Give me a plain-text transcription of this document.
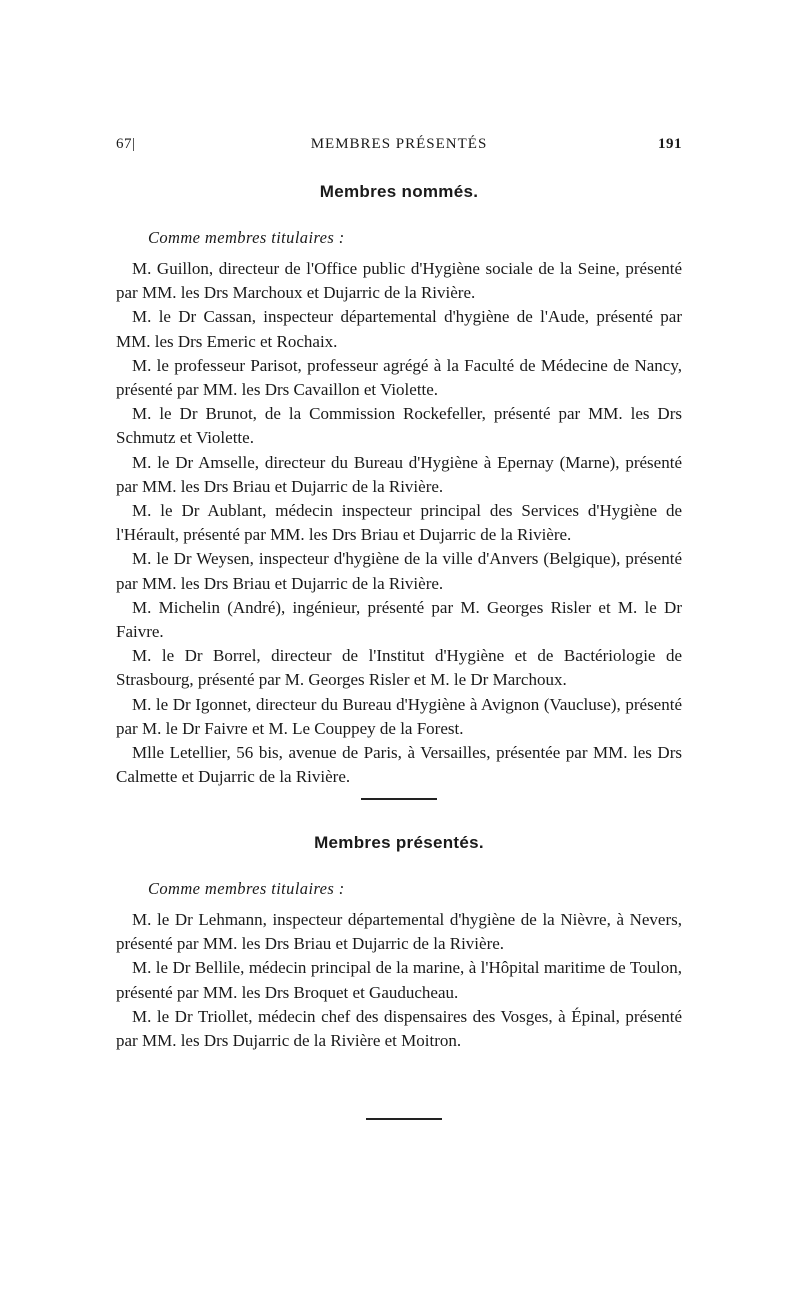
67|	MEMBRES PRÉSENTÉS	191
Membres nommés.

Comme membres titulaires :

M. Guillon, directeur de l'Office public d'Hygiène sociale de la Seine, présenté par MM. les Drs Marchoux et Dujarric de la Rivière.
M. le Dr Cassan, inspecteur départemental d'hygiène de l'Aude, présenté par MM. les Drs Emeric et Rochaix.
M. le professeur Parisot, professeur agrégé à la Faculté de Médecine de Nancy, présenté par MM. les Drs Cavaillon et Violette.
M. le Dr Brunot, de la Commission Rockefeller, présenté par MM. les Drs Schmutz et Violette.
M. le Dr Amselle, directeur du Bureau d'Hygiène à Epernay (Marne), présenté par MM. les Drs Briau et Dujarric de la Rivière.
M. le Dr Aublant, médecin inspecteur principal des Services d'Hygiène de l'Hérault, présenté par MM. les Drs Briau et Dujarric de la Rivière.
M. le Dr Weysen, inspecteur d'hygiène de la ville d'Anvers (Belgique), présenté par MM. les Drs Briau et Dujarric de la Rivière.
M. Michelin (André), ingénieur, présenté par M. Georges Risler et M. le Dr Faivre.
M. le Dr Borrel, directeur de l'Institut d'Hygiène et de Bactériologie de Strasbourg, présenté par M. Georges Risler et M. le Dr Marchoux.
M. le Dr Igonnet, directeur du Bureau d'Hygiène à Avignon (Vaucluse), présenté par M. le Dr Faivre et M. Le Couppey de la Forest.
Mlle Letellier, 56 bis, avenue de Paris, à Versailles, présentée par MM. les Drs Calmette et Dujarric de la Rivière.
Membres présentés.

Comme membres titulaires :

M. le Dr Lehmann, inspecteur départemental d'hygiène de la Nièvre, à Nevers, présenté par MM. les Drs Briau et Dujarric de la Rivière.
M. le Dr Bellile, médecin principal de la marine, à l'Hôpital maritime de Toulon, présenté par MM. les Drs Broquet et Gauducheau.
M. le Dr Triollet, médecin chef des dispensaires des Vosges, à Épinal, présenté par MM. les Drs Dujarric de la Rivière et Moitron.
